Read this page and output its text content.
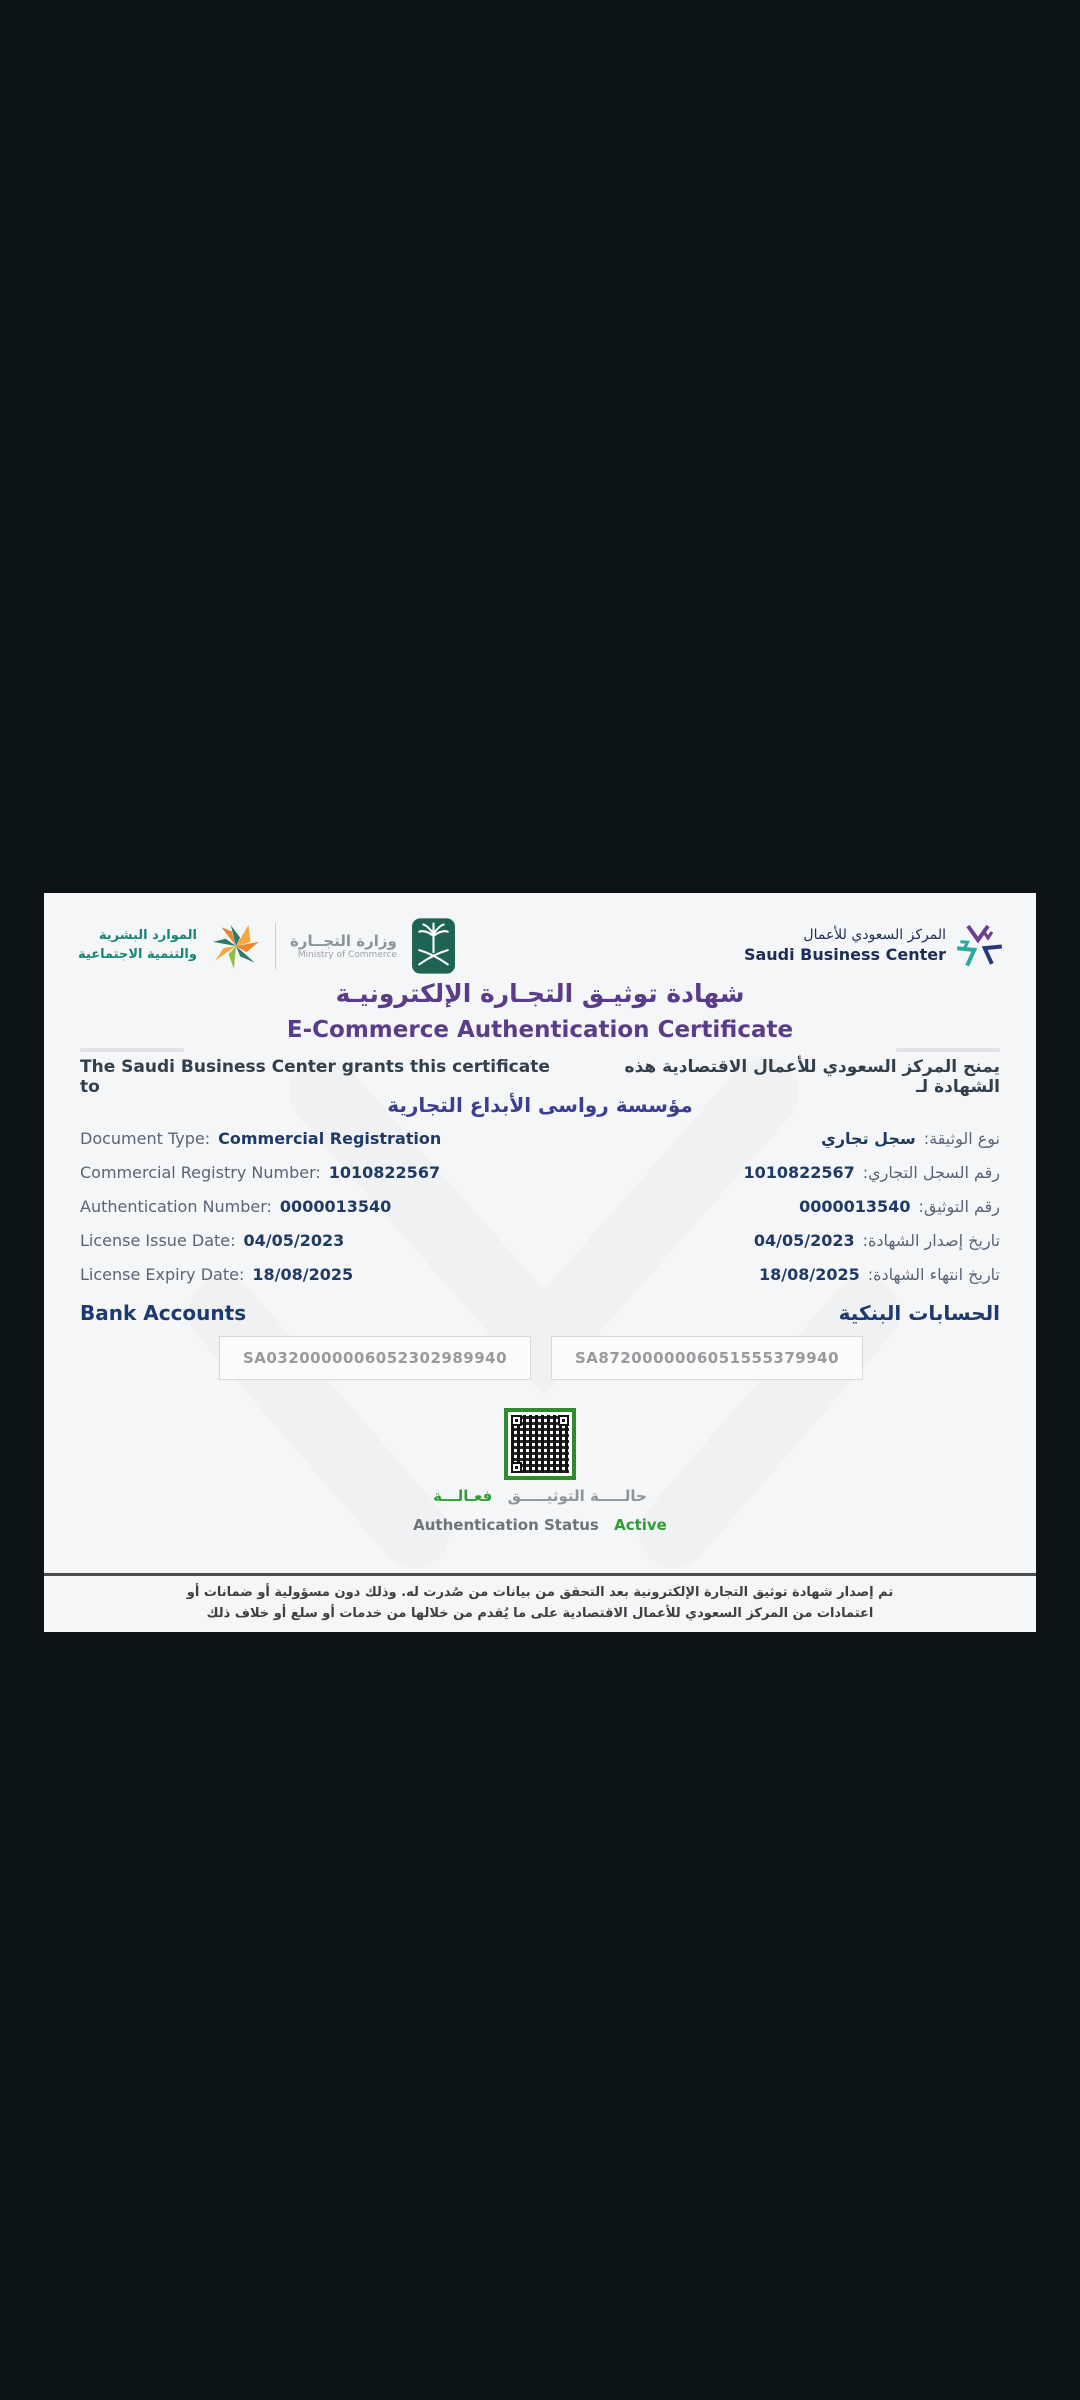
الموارد البشرية
والتنمية الاجتماعية
وزارة التجــارة
Ministry of Commerce
المركز السعودي للأعمال
Saudi Business Center
شهادة توثيـق التجـارة الإلكترونيـة
E-Commerce Authentication Certificate
The Saudi Business Center grants this certificate to
يمنح المركز السعودي للأعمال الاقتصادية هذه الشهادة لـ
مؤسسة رواسى الأبداع التجارية
Document Type: Commercial Registration	نوع الوثيقة:سجل تجاري
Commercial Registry Number: 1010822567	رقم السجل التجاري:1010822567
Authentication Number: 0000013540	رقم التوثيق:0000013540
License Issue Date: 04/05/2023	تاريخ إصدار الشهادة:04/05/2023
License Expiry Date: 18/08/2025	تاريخ انتهاء الشهادة:18/08/2025
Bank Accounts	الحسابات البنكية
SA0320000006052302989940	SA8720000006051555379940
حالـــــة التوثيـــــق فعـالـــة
Authentication Status Active
تم إصدار شهادة توثيق التجارة الإلكترونية بعد التحقق من بيانات من صُدرت له. وذلك دون مسؤولية أو ضمانات أو
اعتمادات من المركز السعودي للأعمال الاقتصادية على ما يُقدم من خلالها من خدمات أو سلع أو خلاف ذلك
